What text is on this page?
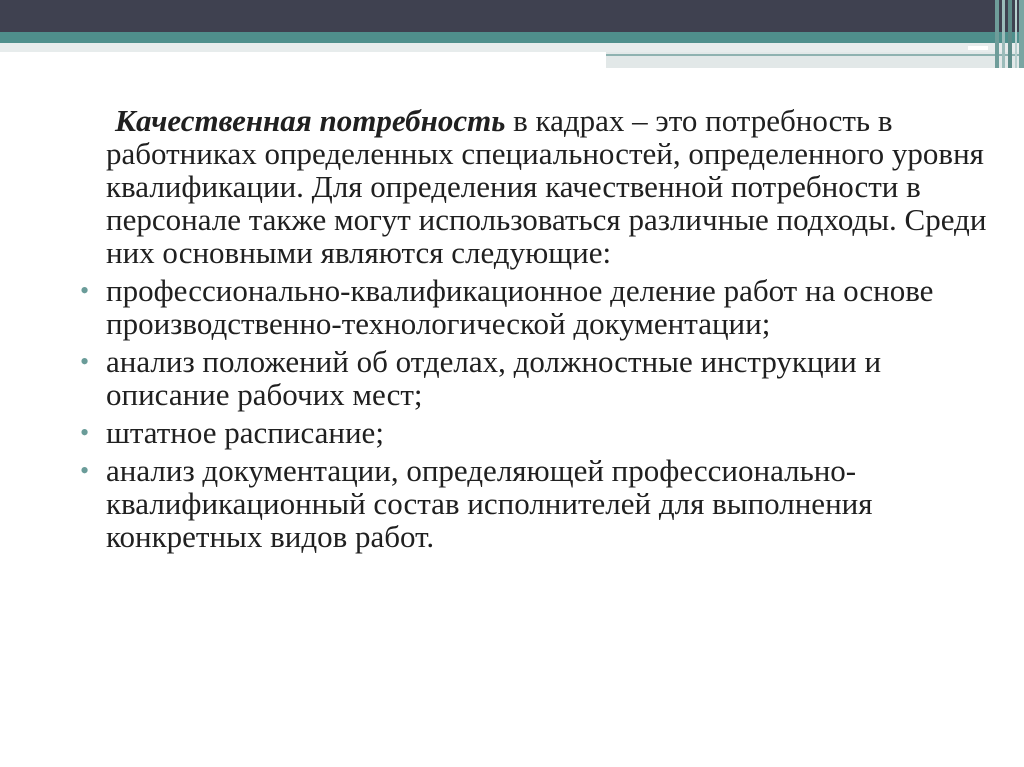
Качественная потребность в кадрах – это потребность в работниках определенных специальностей, определенного уровня квалификации. Для определения качественной потребности в персонале также могут использоваться различные подходы. Среди них основными являются следующие:

• профессионально-квалификационное деление работ на основе производственно-технологической документации;
• анализ положений об отделах, должностные инструкции и описание рабочих мест;
• штатное расписание;
• анализ документации, определяющей профессионально-квалификационный состав исполнителей для выполнения конкретных видов работ.
